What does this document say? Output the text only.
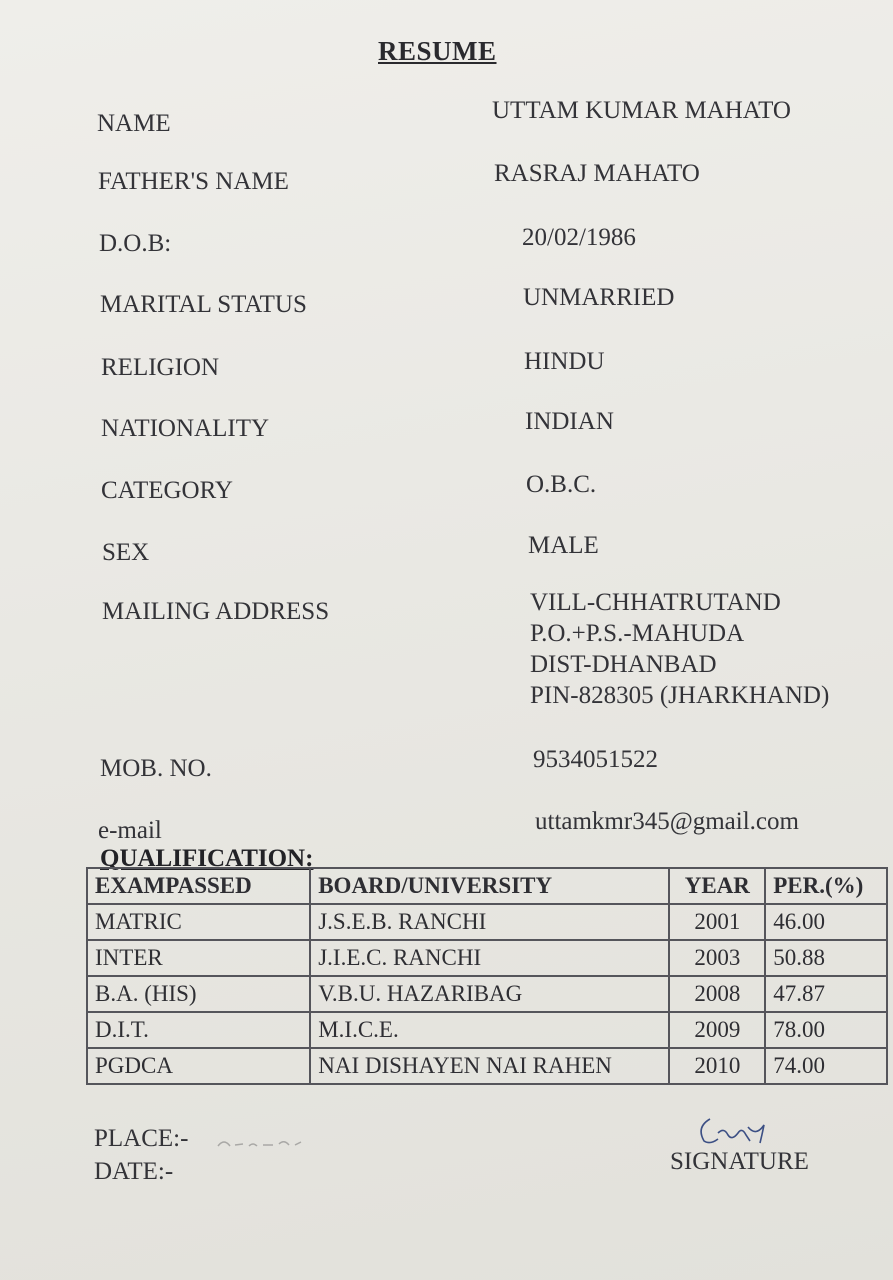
RESUME
NAME	UTTAM KUMAR MAHATO
FATHER'S NAME	RASRAJ MAHATO
D.O.B:	20/02/1986
MARITAL STATUS	UNMARRIED
RELIGION	HINDU
NATIONALITY	INDIAN
CATEGORY	O.B.C.
SEX	MALE
MAILING ADDRESS	VILL-CHHATRUTAND
P.O.+P.S.-MAHUDA
DIST-DHANBAD
PIN-828305 (JHARKHAND)
MOB. NO.	9534051522
e-mail	uttamkmr345@gmail.com
QUALIFICATION:
EXAMPASSED	BOARD/UNIVERSITY	YEAR	PER.(%)
MATRIC	J.S.E.B. RANCHI	2001	46.00
INTER	J.I.E.C. RANCHI	2003	50.88
B.A. (HIS)	V.B.U. HAZARIBAG	2008	47.87
D.I.T.	M.I.C.E.	2009	78.00
PGDCA	NAI DISHAYEN NAI RAHEN	2010	74.00
PLACE:-
DATE:-	SIGNATURE
